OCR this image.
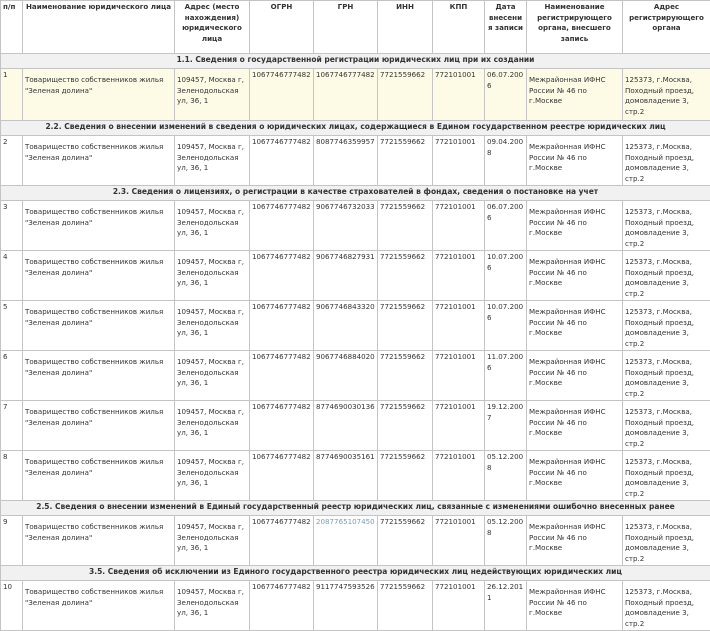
п/п	Наименование юридического лица	Адрес (место нахождения) юридического лица	ОГРН	ГРН	ИНН	КПП	Дата внесения записи	Наименование регистрирующего органа, внесшего запись	Адрес регистрирующего органа
1.1. Сведения о государственной регистрации юридических лиц при их создании									
1	Товарищество собственников жилья "Зеленая долина"	109457, Москва г, Зеленодольская ул, 36, 1	1067746777482	1067746777482	7721559662	772101001	06.07.2006	Межрайонная ИФНС России № 46 по г.Москве	125373, г.Москва, Походный проезд, домовладение 3, стр.2
2.2. Сведения о внесении изменений в сведения о юридических лицах, содержащиеся в Едином государственном реестре юридических лиц									
2	Товарищество собственников жилья "Зеленая долина"	109457, Москва г, Зеленодольская ул, 36, 1	1067746777482	8087746359957	7721559662	772101001	09.04.2008	Межрайонная ИФНС России № 46 по г.Москве	125373, г.Москва, Походный проезд, домовладение 3, стр.2
2.3. Сведения о лицензиях, о регистрации в качестве страхователей в фондах, сведения о постановке на учет									
3	Товарищество собственников жилья "Зеленая долина"	109457, Москва г, Зеленодольская ул, 36, 1	1067746777482	9067746732033	7721559662	772101001	06.07.2006	Межрайонная ИФНС России № 46 по г.Москве	125373, г.Москва, Походный проезд, домовладение 3, стр.2
4	Товарищество собственников жилья "Зеленая долина"	109457, Москва г, Зеленодольская ул, 36, 1	1067746777482	9067746827931	7721559662	772101001	10.07.2006	Межрайонная ИФНС России № 46 по г.Москве	125373, г.Москва, Походный проезд, домовладение 3, стр.2
5	Товарищество собственников жилья "Зеленая долина"	109457, Москва г, Зеленодольская ул, 36, 1	1067746777482	9067746843320	7721559662	772101001	10.07.2006	Межрайонная ИФНС России № 46 по г.Москве	125373, г.Москва, Походный проезд, домовладение 3, стр.2
6	Товарищество собственников жилья "Зеленая долина"	109457, Москва г, Зеленодольская ул, 36, 1	1067746777482	9067746884020	7721559662	772101001	11.07.2006	Межрайонная ИФНС России № 46 по г.Москве	125373, г.Москва, Походный проезд, домовладение 3, стр.2
7	Товарищество собственников жилья "Зеленая долина"	109457, Москва г, Зеленодольская ул, 36, 1	1067746777482	8774690030136	7721559662	772101001	19.12.2007	Межрайонная ИФНС России № 46 по г.Москве	125373, г.Москва, Походный проезд, домовладение 3, стр.2
8	Товарищество собственников жилья "Зеленая долина"	109457, Москва г, Зеленодольская ул, 36, 1	1067746777482	8774690035161	7721559662	772101001	05.12.2008	Межрайонная ИФНС России № 46 по г.Москве	125373, г.Москва, Походный проезд, домовладение 3, стр.2
2.5. Сведения о внесении изменений в Единый государственный реестр юридических лиц, связанные с изменениями ошибочно внесенных ранее									
9	Товарищество собственников жилья "Зеленая долина"	109457, Москва г, Зеленодольская ул, 36, 1	1067746777482	2087765107450	7721559662	772101001	05.12.2008	Межрайонная ИФНС России № 46 по г.Москве	125373, г.Москва, Походный проезд, домовладение 3, стр.2
3.5. Сведения об исключении из Единого государственного реестра юридических лиц недействующих юридических лиц									
10	Товарищество собственников жилья "Зеленая долина"	109457, Москва г, Зеленодольская ул, 36, 1	1067746777482	9117747593526	7721559662	772101001	26.12.2011	Межрайонная ИФНС России № 46 по г.Москве	125373, г.Москва, Походный проезд, домовладение 3, стр.2
